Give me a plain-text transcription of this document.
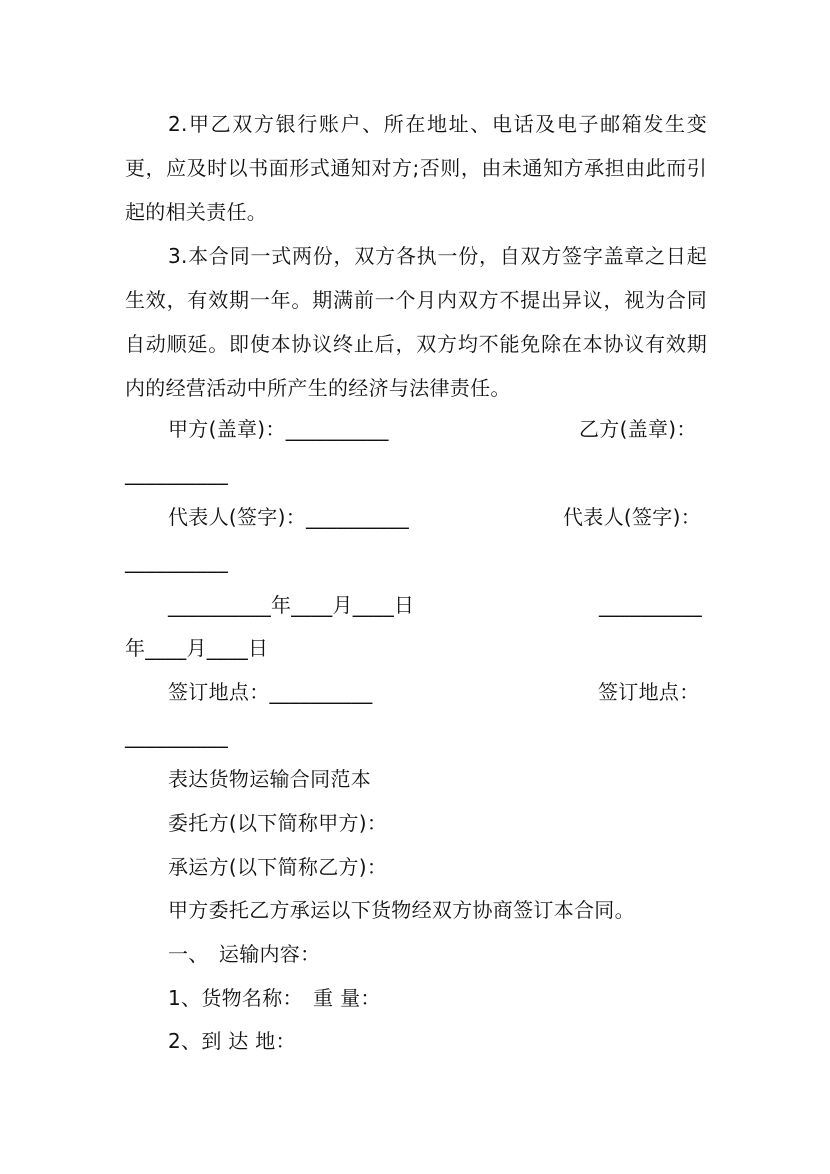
2.甲乙双方银行账户、所在地址、电话及电子邮箱发生变更，应及时以书面形式通知对方;否则，由未通知方承担由此而引起的相关责任。
3.本合同一式两份，双方各执一份，自双方签字盖章之日起生效，有效期一年。期满前一个月内双方不提出异议，视为合同自动顺延。即使本协议终止后，双方均不能免除在本协议有效期内的经营活动中所产生的经济与法律责任。
甲方(盖章)：__________	乙方(盖章)：
__________
代表人(签字)：__________	代表人(签字)：
__________
__________年____月____日	__________
年____月____日
签订地点：__________	签订地点：
__________
表达货物运输合同范本
委托方(以下简称甲方)：
承运方(以下简称乙方)：
甲方委托乙方承运以下货物经双方协商签订本合同。
一、　运输内容：
1、货物名称：　重 量：
2、到 达 地：
